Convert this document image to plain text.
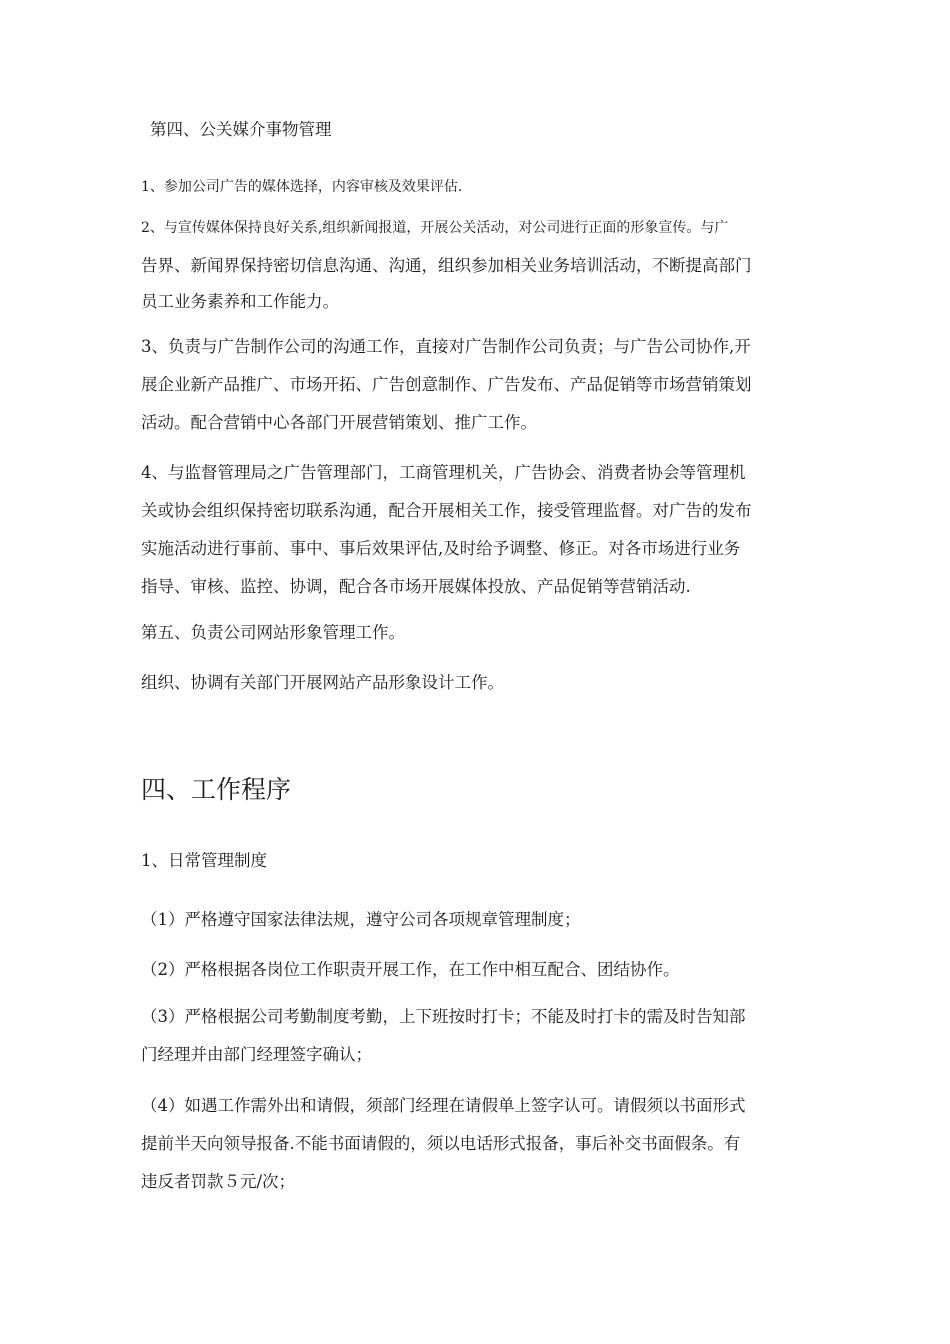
第四、公关媒介事物管理
1、参加公司广告的媒体选择，内容审核及效果评估.
2、与宣传媒体保持良好关系,组织新闻报道，开展公关活动，对公司进行正面的形象宣传。与广
告界、新闻界保持密切信息沟通、沟通，组织参加相关业务培训活动，不断提高部门
员工业务素养和工作能力。
3、负责与广告制作公司的沟通工作，直接对广告制作公司负责；与广告公司协作,开
展企业新产品推广、市场开拓、广告创意制作、广告发布、产品促销等市场营销策划
活动。配合营销中心各部门开展营销策划、推广工作。
4、与监督管理局之广告管理部门，工商管理机关，广告协会、消费者协会等管理机
关或协会组织保持密切联系沟通，配合开展相关工作，接受管理监督。对广告的发布
实施活动进行事前、事中、事后效果评估,及时给予调整、修正。对各市场进行业务
指导、审核、监控、协调，配合各市场开展媒体投放、产品促销等营销活动.
第五、负责公司网站形象管理工作。
组织、协调有关部门开展网站产品形象设计工作。
四、工作程序
1、日常管理制度
（1）严格遵守国家法律法规，遵守公司各项规章管理制度；
（2）严格根据各岗位工作职责开展工作，在工作中相互配合、团结协作。
（3）严格根据公司考勤制度考勤，上下班按时打卡；不能及时打卡的需及时告知部
门经理并由部门经理签字确认；
（4）如遇工作需外出和请假，须部门经理在请假单上签字认可。请假须以书面形式
提前半天向领导报备.不能书面请假的，须以电话形式报备，事后补交书面假条。有
违反者罚款５元/次；
